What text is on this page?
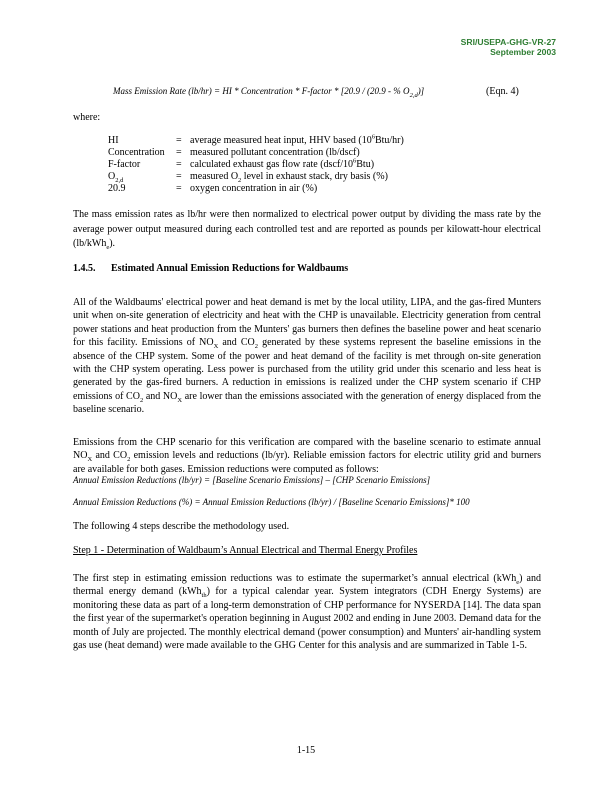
SRI/USEPA-GHG-VR-27
September 2003
Mass Emission Rate (lb/hr) = HI * Concentration * F-factor * [20.9 / (20.9 - % $O_{2,d}$)]	(Eqn. 4)
where:
HI	= average measured heat input, HHV based $(10^6Btu/hr)$
Concentration	= measured pollutant concentration (lb/dscf)
F-factor	= calculated exhaust gas flow rate $(dscf/10^6Btu)$
$O_{2,d}$	= measured $O_2$ level in exhaust stack, dry basis (%)
20.9	= oxygen concentration in air (%)

The mass emission rates as lb/hr were then normalized to electrical power output by dividing the mass rate by the average power output measured during each controlled test and are reported as pounds per kilowatt-hour electrical (lb/kWh$_e$).

1.4.5. Estimated Annual Emission Reductions for Waldbaums

All of the Waldbaums' electrical power and heat demand is met by the local utility, LIPA, and the gas-fired Munters unit when on-site generation of electricity and heat with the CHP is unavailable. Electricity generation from central power stations and heat production from the Munters' gas burners then defines the baseline power and heat scenario for this facility. Emissions of $NO_X$ and $CO_2$ generated by these systems represent the baseline emissions in the absence of the CHP system. Some of the power and heat demand of the facility is met through on-site generation with the CHP system operating. Less power is purchased from the utility grid under this scenario and less heat is generated by the gas-fired burners. A reduction in emissions is realized under the CHP system scenario if CHP emissions of $CO_2$ and $NO_X$ are lower than the emissions associated with the generation of energy displaced from the baseline scenario.

Emissions from the CHP scenario for this verification are compared with the baseline scenario to estimate annual $NO_X$ and $CO_2$ emission levels and reductions (lb/yr). Reliable emission factors for electric utility grid and burners are available for both gases. Emission reductions were computed as follows:

Annual Emission Reductions (lb/yr) = [Baseline Scenario Emissions] – [CHP Scenario Emissions]
Annual Emission Reductions (%) = Annual Emission Reductions (lb/yr) / [Baseline Scenario Emissions]* 100

The following 4 steps describe the methodology used.

Step 1 - Determination of Waldbaum’s Annual Electrical and Thermal Energy Profiles

The first step in estimating emission reductions was to estimate the supermarket’s annual electrical (kWh$_e$) and thermal energy demand (kWh$_{th}$) for a typical calendar year. System integrators (CDH Energy Systems) are monitoring these data as part of a long-term demonstration of CHP performance for NYSERDA [14]. The data span the first year of the supermarket's operation beginning in August 2002 and ending in June 2003. Demand data for the month of July are projected. The monthly electrical demand (power consumption) and Munters' air-handling system gas use (heat demand) were made available to the GHG Center for this analysis and are summarized in Table 1-5.

1-15
